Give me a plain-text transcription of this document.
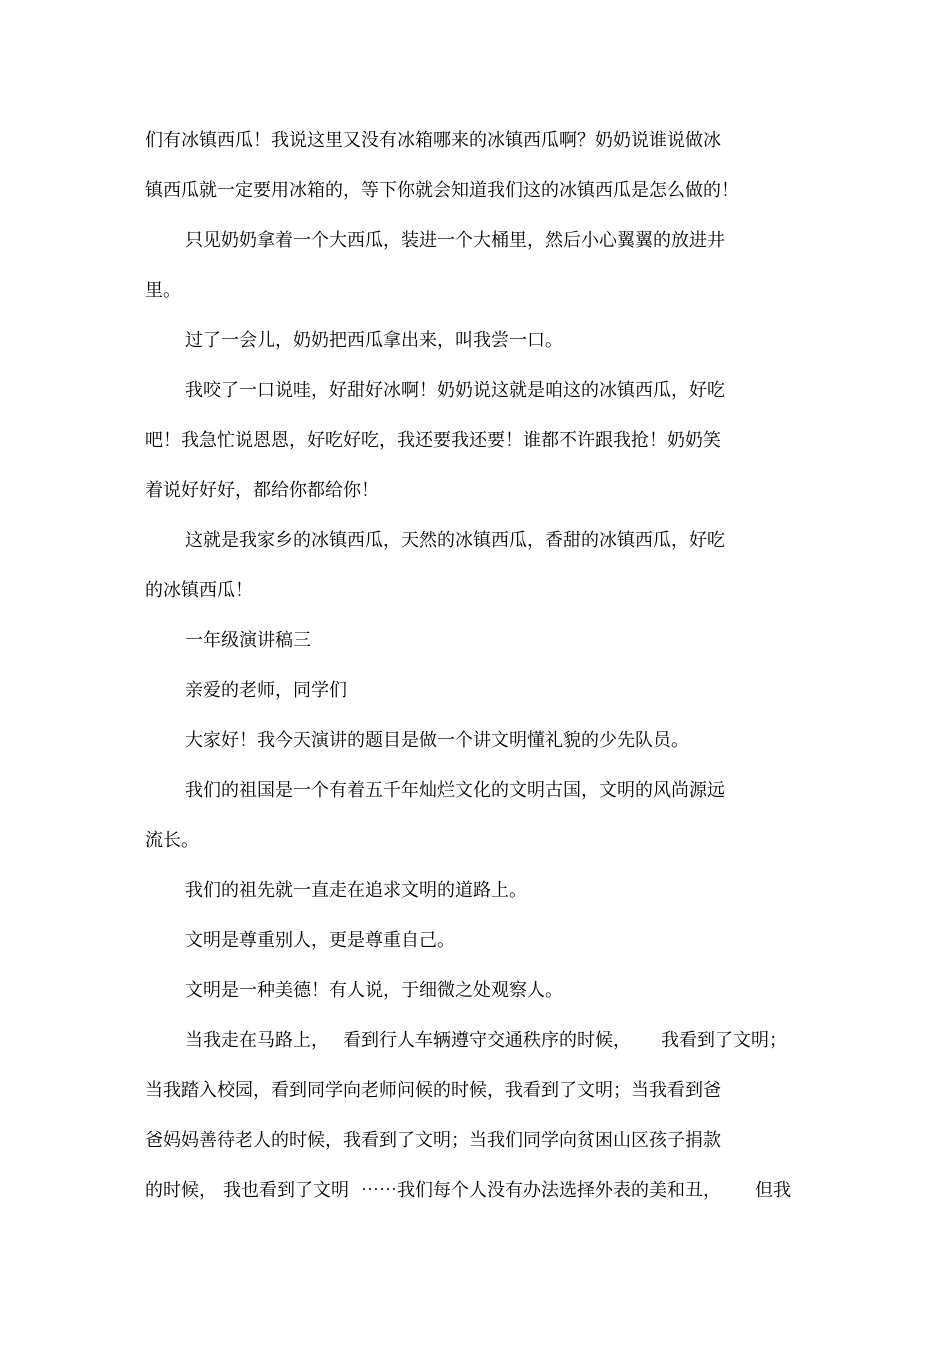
们有冰镇西瓜！我说这里又没有冰箱哪来的冰镇西瓜啊？奶奶说谁说做冰
镇西瓜就一定要用冰箱的，等下你就会知道我们这的冰镇西瓜是怎么做的！
只见奶奶拿着一个大西瓜，装进一个大桶里，然后小心翼翼的放进井
里。
过了一会儿，奶奶把西瓜拿出来，叫我尝一口。
我咬了一口说哇，好甜好冰啊！奶奶说这就是咱这的冰镇西瓜，好吃
吧！我急忙说恩恩，好吃好吃，我还要我还要！谁都不许跟我抢！奶奶笑
着说好好好，都给你都给你！
这就是我家乡的冰镇西瓜，天然的冰镇西瓜，香甜的冰镇西瓜，好吃
的冰镇西瓜！
一年级演讲稿三
亲爱的老师，同学们
大家好！我今天演讲的题目是做一个讲文明懂礼貌的少先队员。
我们的祖国是一个有着五千年灿烂文化的文明古国，文明的风尚源远
流长。
我们的祖先就一直走在追求文明的道路上。
文明是尊重别人，更是尊重自己。
文明是一种美德！有人说，于细微之处观察人。
当我走在马路上， 看到行人车辆遵守交通秩序的时候， 我看到了文明；
当我踏入校园，看到同学向老师问候的时候，我看到了文明；当我看到爸
爸妈妈善待老人的时候，我看到了文明；当我们同学向贫困山区孩子捐款
的时候， 我也看到了文明 ⋯⋯我们每个人没有办法选择外表的美和丑， 但我
